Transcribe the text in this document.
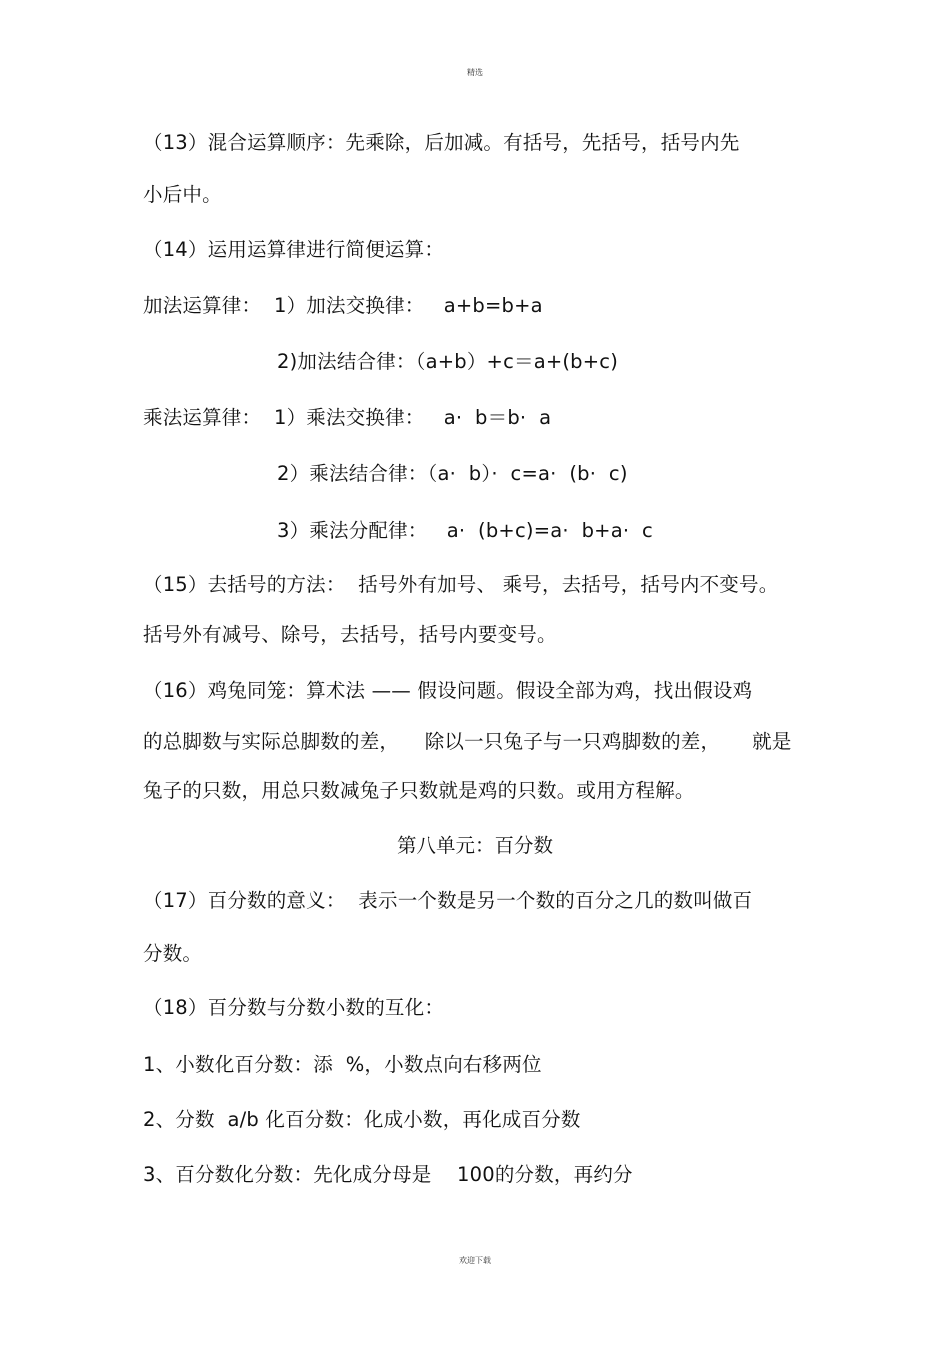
精选
（13）混合运算顺序：先乘除，后加减。有括号，先括号，括号内先
小后中。
（14）运用运算律进行简便运算：
加法运算律：  1）加法交换律：   a+b=b+a
2)加法结合律：（a+b）+c＝a+(b+c)
乘法运算律：  1）乘法交换律：   a·  b＝b·  a
2）乘法结合律：（a·  b）·  c=a·  (b·  c)
3）乘法分配律：   a·  (b+c)=a·  b+a·  c
（15）去括号的方法：  括号外有加号、 乘号，去括号，括号内不变号。
括号外有减号、除号，去括号，括号内要变号。
（16）鸡兔同笼：算术法 —— 假设问题。假设全部为鸡，找出假设鸡
的总脚数与实际总脚数的差，    除以一只兔子与一只鸡脚数的差，     就是
兔子的只数，用总只数减兔子只数就是鸡的只数。或用方程解。
第八单元：百分数
（17）百分数的意义：  表示一个数是另一个数的百分之几的数叫做百
分数。
（18）百分数与分数小数的互化：
1、小数化百分数：添  %，小数点向右移两位
2、分数  a/b 化百分数：化成小数，再化成百分数
3、百分数化分数：先化成分母是    100的分数，再约分
欢迎下载
